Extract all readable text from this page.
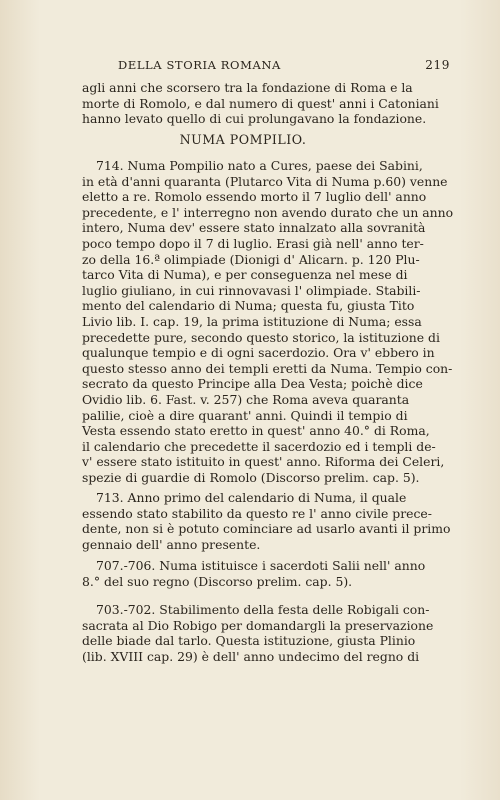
DELLA STORIA ROMANA	219
agli anni che scorsero tra la fondazione di Roma e la
morte di Romolo, e dal numero di quest' anni i Catoniani
hanno levato quello di cui prolungavano la fondazione.
NUMA POMPILIO.
714. Numa Pompilio nato a Cures, paese dei Sabini,
in età d'anni quaranta (Plutarco Vita di Numa p.60) venne
eletto a re. Romolo essendo morto il 7 luglio dell' anno
precedente, e l' interregno non avendo durato che un anno
intero, Numa dev' essere stato innalzato alla sovranità
poco tempo dopo il 7 di luglio. Erasi già nell' anno ter-
zo della 16.ª olimpiade (Dionigi d' Alicarn. p. 120 Plu-
tarco Vita di Numa), e per conseguenza nel mese di
luglio giuliano, in cui rinnovavasi l' olimpiade. Stabili-
mento del calendario di Numa; questa fu, giusta Tito
Livio lib. I. cap. 19, la prima istituzione di Numa; essa
precedette pure, secondo questo storico, la istituzione di
qualunque tempio e di ogni sacerdozio. Ora v' ebbero in
questo stesso anno dei templi eretti da Numa. Tempio con-
secrato da questo Principe alla Dea Vesta; poichè dice
Ovidio lib. 6. Fast. v. 257) che Roma aveva quaranta
palilie, cioè a dire quarant' anni. Quindi il tempio di
Vesta essendo stato eretto in quest' anno 40.° di Roma,
il calendario che precedette il sacerdozio ed i templi de-
v' essere stato istituito in quest' anno. Riforma dei Celeri,
spezie di guardie di Romolo (Discorso prelim. cap. 5).
713. Anno primo del calendario di Numa, il quale
essendo stato stabilito da questo re l' anno civile prece-
dente, non si è potuto cominciare ad usarlo avanti il primo
gennaio dell' anno presente.
707.-706. Numa istituisce i sacerdoti Salii nell' anno
8.° del suo regno (Discorso prelim. cap. 5).
703.-702. Stabilimento della festa delle Robigali con-
sacrata al Dio Robigo per domandargli la preservazione
delle biade dal tarlo. Questa istituzione, giusta Plinio
(lib. XVIII cap. 29) è dell' anno undecimo del regno di
